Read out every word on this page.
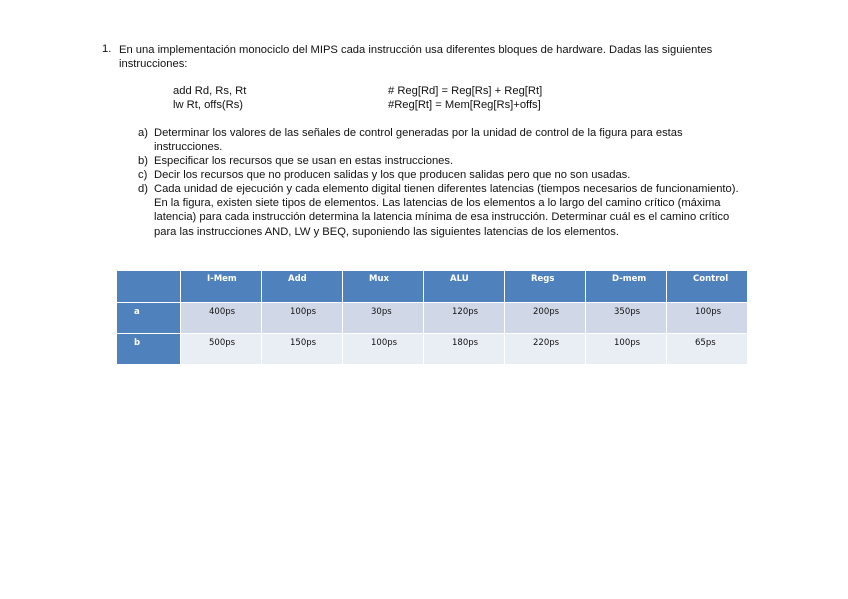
1. En una implementación monociclo del MIPS cada instrucción usa diferentes bloques de hardware. Dadas las siguientes instrucciones:
add Rd, Rs, Rt	# Reg[Rd] = Reg[Rs] + Reg[Rt]
lw Rt, offs(Rs)	#Reg[Rt] = Mem[Reg[Rs]+offs]
a) Determinar los valores de las señales de control generadas por la unidad de control de la figura para estas instrucciones.
b) Especificar los recursos que se usan en estas instrucciones.
c) Decir los recursos que no producen salidas y los que producen salidas pero que no son usadas.
d) Cada unidad de ejecución y cada elemento digital tienen diferentes latencias (tiempos necesarios de funcionamiento). En la figura, existen siete tipos de elementos. Las latencias de los elementos a lo largo del camino crítico (máxima latencia) para cada instrucción determina la latencia mínima de esa instrucción. Determinar cuál es el camino crítico para las instrucciones AND, LW y BEQ, suponiendo las siguientes latencias de los elementos.
	I-Mem	Add	Mux	ALU	Regs	D-mem	Control
a	400ps	100ps	30ps	120ps	200ps	350ps	100ps
b	500ps	150ps	100ps	180ps	220ps	100ps	65ps
